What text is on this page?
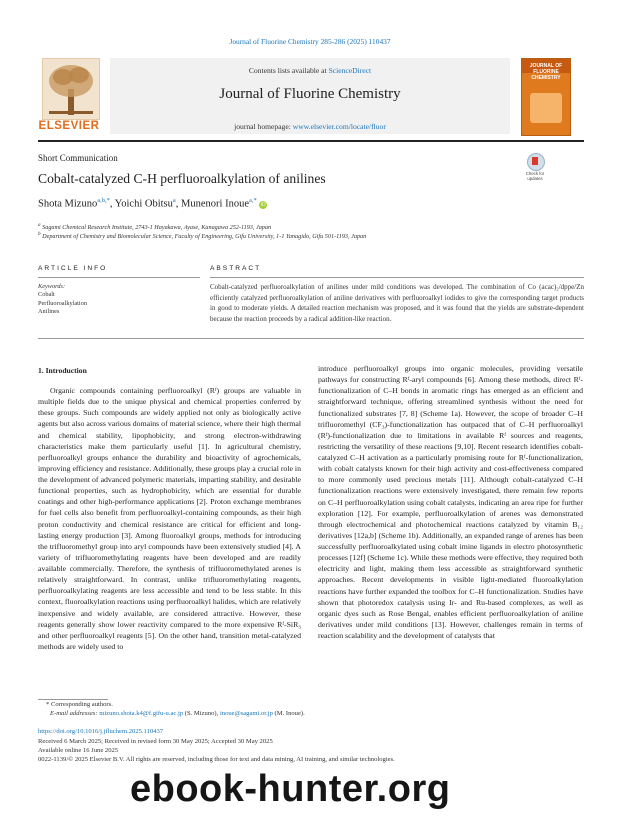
Journal of Fluorine Chemistry 285-286 (2025) 110437
ELSEVIER
Contents lists available at ScienceDirect
Journal of Fluorine Chemistry
journal homepage: www.elsevier.com/locate/fluor
JOURNAL OF FLUORINE CHEMISTRY
Short Communication
Cobalt-catalyzed C-H perfluoroalkylation of anilines	Check for updates
Shota Mizuno$^{a,b,*}$, Yoichi Obitsu$^a$, Munenori Inoue$^{a,*}$ iD
$^a$ Sagami Chemical Research Institute, 2743-1 Hayakawa, Ayase, Kanagawa 252-1193, Japan
$^b$ Department of Chemistry and Biomolecular Science, Faculty of Engineering, Gifu University, 1-1 Yanagido, Gifu 501-1193, Japan
ARTICLE INFO	ABSTRACT
Keywords:
Cobalt
Perfluoroalkylation
Anilines
Cobalt-catalyzed perfluoroalkylation of anilines under mild conditions was developed. The combination of Co (acac)₂/dppe/Zn efficiently catalyzed perfluoroalkylation of aniline derivatives with perfluoroalkyl iodides to give the corresponding target products in good to moderate yields. A detailed reaction mechanism was proposed, and it was found that the yields are substrate-dependent because the reaction proceeds by a radical addition-like reaction.
1. Introduction
Organic compounds containing perfluoroalkyl (Rᶠ) groups are valuable in multiple fields due to the unique physical and chemical properties conferred by these groups. Such compounds are widely applied not only as biologically active agents but also across various domains of material science, where their high thermal and chemical stability, lipophobicity, and strong electron-withdrawing characteristics make them particularly useful [1]. In agricultural chemistry, perfluoroalkyl groups enhance the durability and bioactivity of agrochemicals, improving efficiency and resistance. Additionally, these groups play a crucial role in the development of advanced polymeric materials, imparting stability, and desirable functional properties, such as hydrophobicity, which are essential for durable coatings and other high-performance applications [2]. Proton exchange membranes for fuel cells also benefit from perfluoroalkyl-containing compounds, as their high proton conductivity and chemical resistance are critical for efficient and long-lasting energy production [3]. Among fluoroalkyl groups, methods for introducing the trifluoromethyl group into aryl compounds have been extensively studied [4]. A variety of trifluoromethylating reagents have been developed and are readily available commercially. Therefore, the synthesis of trifluoromethylated arenes is relatively straightforward. In contrast, unlike trifluoromethylating reagents, perfluoroalkylating reagents are less accessible and tend to be less stable. In this context, fluoroalkylation reactions using perfluoroalkyl halides, which are relatively inexpensive and widely available, are considered attractive. However, these reagents generally show lower reactivity compared to the more expensive Rᶠ-SiR₃ and other perfluoroalkyl reagents [5]. On the other hand, transition metal-catalyzed methods are widely used to
introduce perfluoroalkyl groups into organic molecules, providing versatile pathways for constructing Rᶠ-aryl compounds [6]. Among these methods, direct Rᶠ-functionalization of C–H bonds in aromatic rings has emerged as an efficient and straightforward technique, offering streamlined synthesis without the need for functionalized substrates [7, 8] (Scheme 1a). However, the scope of broader C–H trifluoromethyl (CF₃)-functionalization has outpaced that of C–H perfluoroalkyl (Rᶠ)-functionalization due to limitations in available Rᶠ sources and reagents, restricting the versatility of these reactions [9,10]. Recent research identifies cobalt-catalyzed C–H activation as a particularly promising route for Rᶠ-functionalization, with cobalt catalysts known for their high activity and cost-effectiveness compared to more commonly used precious metals [11]. Although cobalt-catalyzed C–H functionalization reactions were extensively investigated, there remain few reports on C–H perfluoroalkylation using cobalt catalysts, indicating an area ripe for further exploration [12]. For example, perfluoroalkylation of arenes was demonstrated through electrochemical and photochemical reactions catalyzed by vitamin B₁₂ derivatives [12a,b] (Scheme 1b). Additionally, an expanded range of arenes has been successfully perfluoroalkylated using cobalt imine ligands in electro photosynthetic processes [12f] (Scheme 1c). While these methods were effective, they required both electricity and light, making them less accessible as straightforward synthetic approaches. Recent developments in visible light-mediated fluoroalkylation reactions have further expanded the toolbox for C–H functionalization. Studies have shown that photoredox catalysis using Ir- and Ru-based complexes, as well as organic dyes such as Rose Bengal, enables efficient perfluoroalkylation of aniline derivatives under mild conditions [13]. However, challenges remain in terms of reaction scalability and the development of catalysts that
* Corresponding authors.
E-mail addresses: mizuno.shota.k4@f.gifu-u.ac.jp (S. Mizuno), inoue@sagami.or.jp (M. Inoue).
https://doi.org/10.1016/j.jfluchem.2025.110437
Received 6 March 2025; Received in revised form 30 May 2025; Accepted 30 May 2025
Available online 16 June 2025
0022-1139/© 2025 Elsevier B.V. All rights are reserved, including those for text and data mining, AI training, and similar technologies.
ebook-hunter.org
